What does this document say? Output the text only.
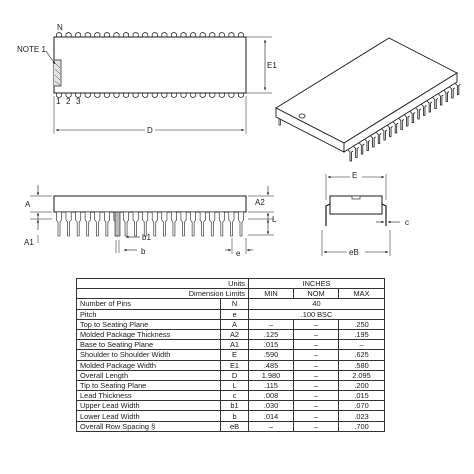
N
NOTE 1
1 2 3
E1
D
A
A1
A2
L
b1
b	e
E
c
eB
Units		INCHES		
Dimension Limits		MIN	NOM	MAX
Number of Pins	N	40		
Pitch	e	.100 BSC		
Top to Seating Plane	A	–	–	.250
Molded Package Thickness	A2	.125	–	.195
Base to Seating Plane	A1	.015	–	–
Shoulder to Shoulder Width	E	.590	–	.625
Molded Package Width	E1	.485	–	.580
Overall Length	D	1.980	–	2.095
Tip to Seating Plane	L	.115	–	.200
Lead Thickness	c	.008	–	.015
Upper Lead Width	b1	.030	–	.070
Lower Lead Width	b	.014	–	.023
Overall Row Spacing §	eB	–	–	.700
